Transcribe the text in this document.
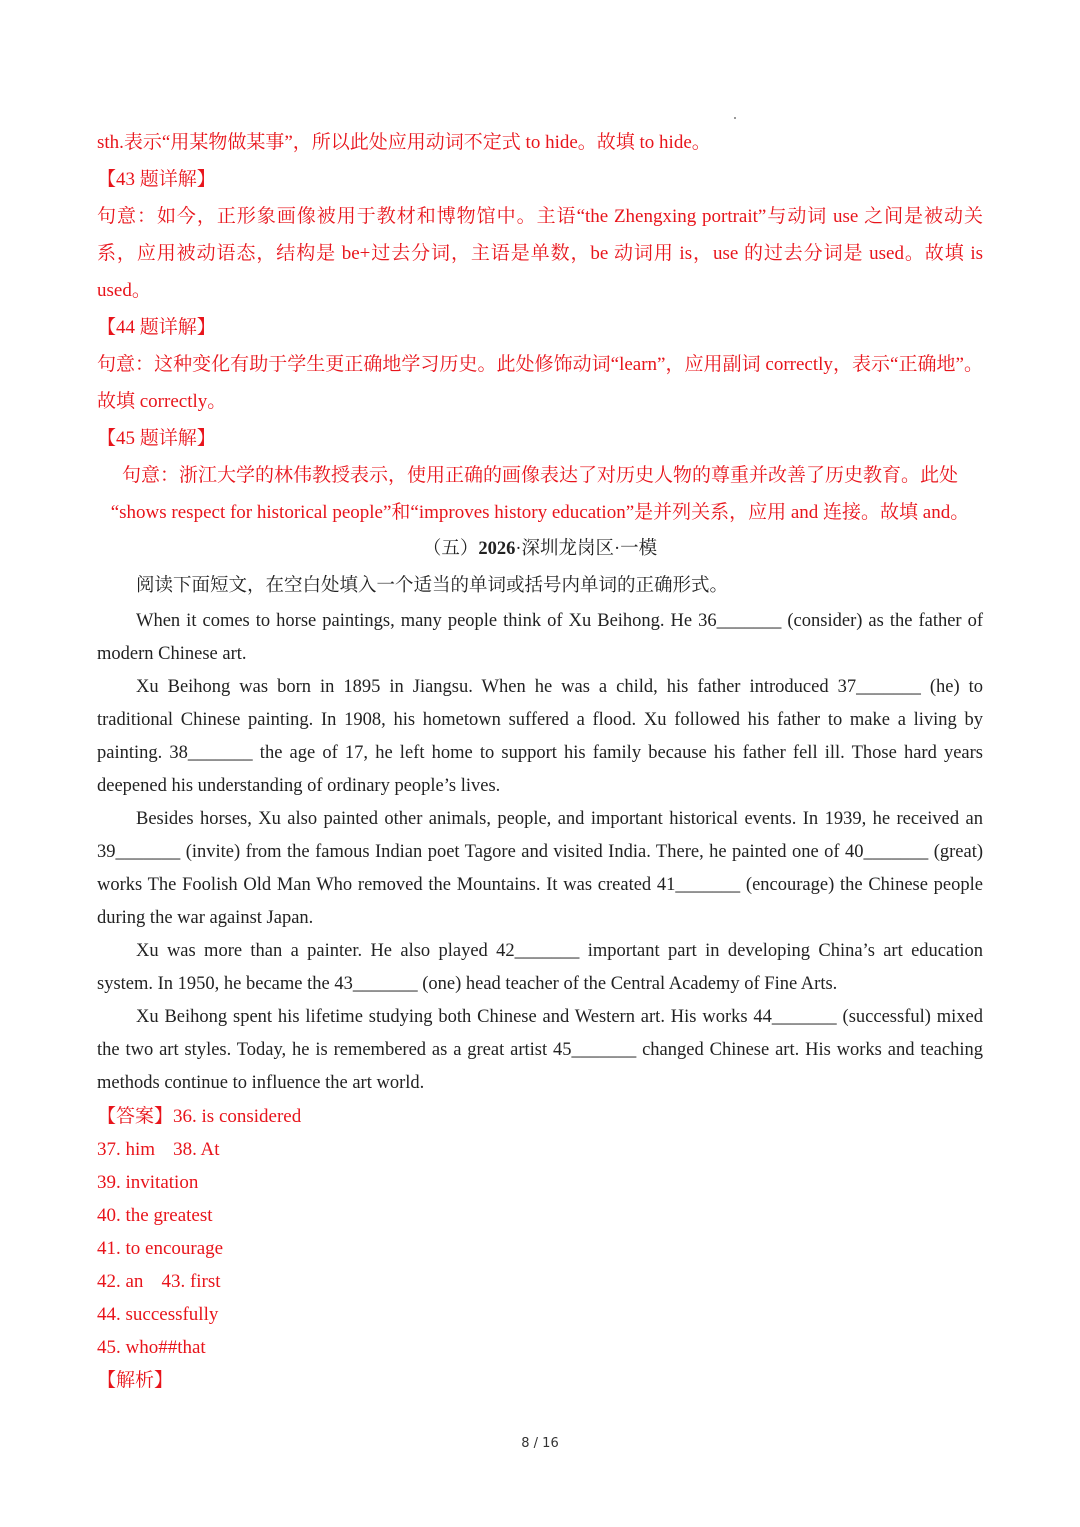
sth.表示“用某物做某事”，所以此处应用动词不定式 to hide。故填 to hide。

【43 题详解】

句意：如今，正形象画像被用于教材和博物馆中。主语“the Zhengxing portrait”与动词 use 之间是被动关系，应用被动语态，结构是 be+过去分词，主语是单数，be 动词用 is，use 的过去分词是 used。故填 is used。

【44 题详解】

句意：这种变化有助于学生更正确地学习历史。此处修饰动词“learn”，应用副词 correctly，表示“正确地”。故填 correctly。

【45 题详解】

句意：浙江大学的林伟教授表示，使用正确的画像表达了对历史人物的尊重并改善了历史教育。此处

“shows respect for historical people”和“improves history education”是并列关系，应用 and 连接。故填 and。

（五）2026·深圳龙岗区·一模

阅读下面短文，在空白处填入一个适当的单词或括号内单词的正确形式。

When it comes to horse paintings, many people think of Xu Beihong. He 36_______ (consider) as the father of modern Chinese art.

Xu Beihong was born in 1895 in Jiangsu. When he was a child, his father introduced 37_______ (he) to traditional Chinese painting. In 1908, his hometown suffered a flood. Xu followed his father to make a living by painting. 38_______ the age of 17, he left home to support his family because his father fell ill. Those hard years deepened his understanding of ordinary people’s lives.

Besides horses, Xu also painted other animals, people, and important historical events. In 1939, he received an 39_______ (invite) from the famous Indian poet Tagore and visited India. There, he painted one of 40_______ (great) works The Foolish Old Man Who removed the Mountains. It was created 41_______ (encourage) the Chinese people during the war against Japan.

Xu was more than a painter. He also played 42_______ important part in developing China’s art education system. In 1950, he became the 43_______ (one) head teacher of the Central Academy of Fine Arts.

Xu Beihong spent his lifetime studying both Chinese and Western art. His works 44_______ (successful) mixed the two art styles. Today, he is remembered as a great artist 45_______ changed Chinese art. His works and teaching methods continue to influence the art world.

【答案】36. is considered

37. him 38. At

39. invitation

40. the greatest

41. to encourage

42. an 43. first

44. successfully

45. who##that

【解析】

8 / 16
